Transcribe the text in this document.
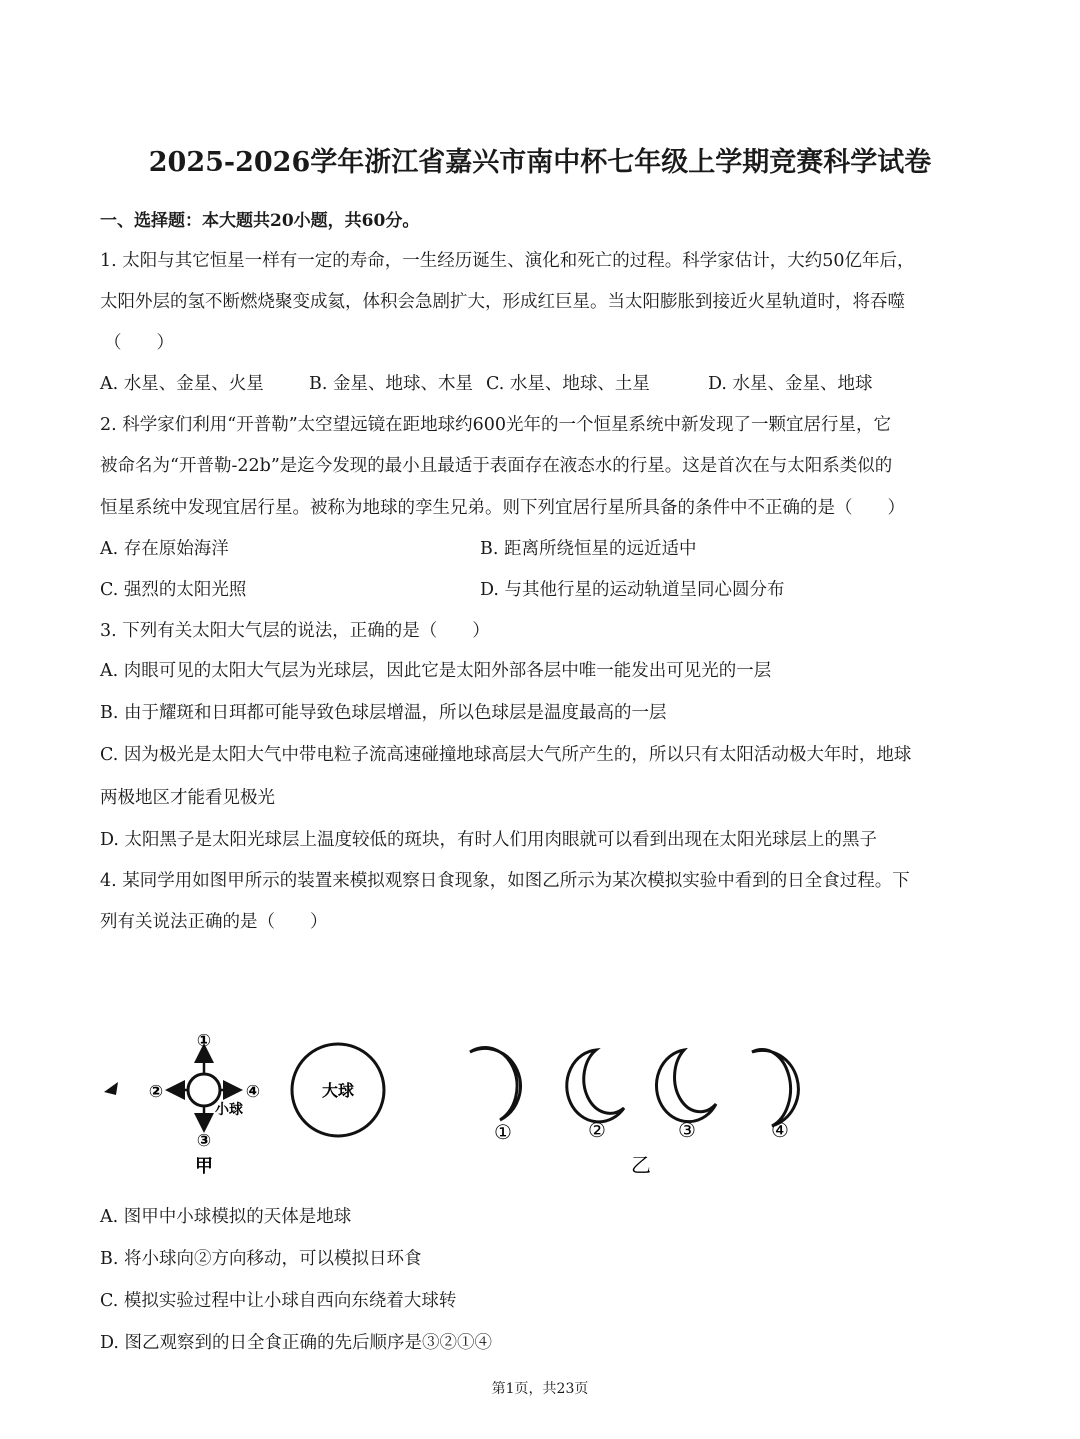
2025-2026学年浙江省嘉兴市南中杯七年级上学期竞赛科学试卷
一、选择题：本大题共20小题，共60分。
1. 太阳与其它恒星一样有一定的寿命，一生经历诞生、演化和死亡的过程。科学家估计，大约50亿年后，
太阳外层的氢不断燃烧聚变成氦，体积会急剧扩大，形成红巨星。当太阳膨胀到接近火星轨道时，将吞噬
（　　）
A. 水星、金星、火星	B. 金星、地球、木星 C. 水星、地球、土星	D. 水星、金星、地球
2. 科学家们利用“开普勒”太空望远镜在距地球约600光年的一个恒星系统中新发现了一颗宜居行星，它
被命名为“开普勒-22b”是迄今发现的最小且最适于表面存在液态水的行星。这是首次在与太阳系类似的
恒星系统中发现宜居行星。被称为地球的孪生兄弟。则下列宜居行星所具备的条件中不正确的是（　　）
A. 存在原始海洋	B. 距离所绕恒星的远近适中
C. 强烈的太阳光照	D. 与其他行星的运动轨道呈同心圆分布
3. 下列有关太阳大气层的说法，正确的是（　　）
A. 肉眼可见的太阳大气层为光球层，因此它是太阳外部各层中唯一能发出可见光的一层
B. 由于耀斑和日珥都可能导致色球层增温，所以色球层是温度最高的一层
C. 因为极光是太阳大气中带电粒子流高速碰撞地球高层大气所产生的，所以只有太阳活动极大年时，地球
两极地区才能看见极光
D. 太阳黑子是太阳光球层上温度较低的斑块，有时人们用肉眼就可以看到出现在太阳光球层上的黑子
4. 某同学用如图甲所示的装置来模拟观察日食现象，如图乙所示为某次模拟实验中看到的日全食过程。下
列有关说法正确的是（　　）
①
②	④
③
小球
甲
大球
①	②	③	④
乙
A. 图甲中小球模拟的天体是地球
B. 将小球向②方向移动，可以模拟日环食
C. 模拟实验过程中让小球自西向东绕着大球转
D. 图乙观察到的日全食正确的先后顺序是③②①④
第1页，共23页
